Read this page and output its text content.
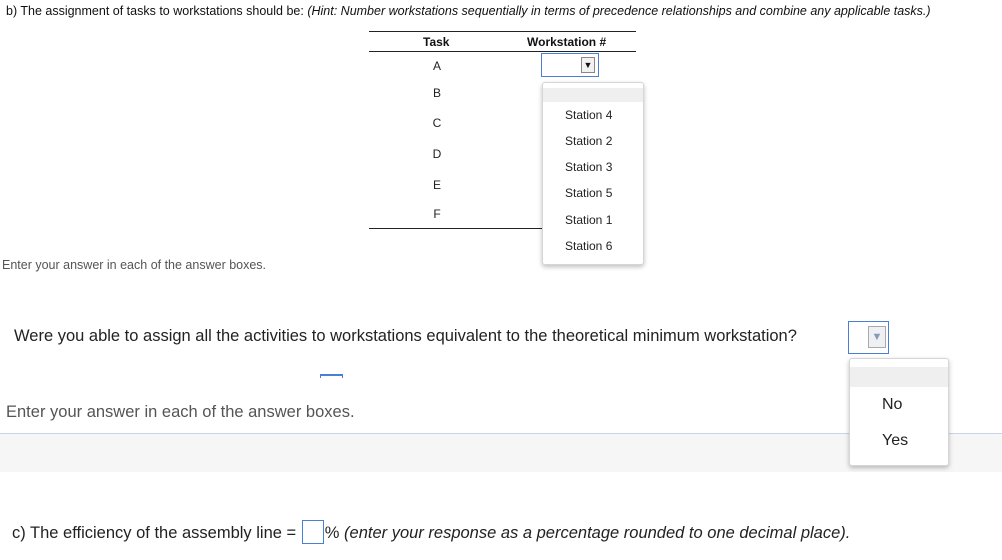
b) The assignment of tasks to workstations should be: (Hint: Number workstations sequentially in terms of precedence relationships and combine any applicable tasks.)
Task	Workstation #
A
B
C
D
E
F
▼
Station 4
Station 2
Station 3
Station 5
Station 1
Station 6
Enter your answer in each of the answer boxes.
Were you able to assign all the activities to workstations equivalent to the theoretical minimum workstation?	▼
Enter your answer in each of the answer boxes.	No
Yes
c) The efficiency of the assembly line = % (enter your response as a percentage rounded to one decimal place).
